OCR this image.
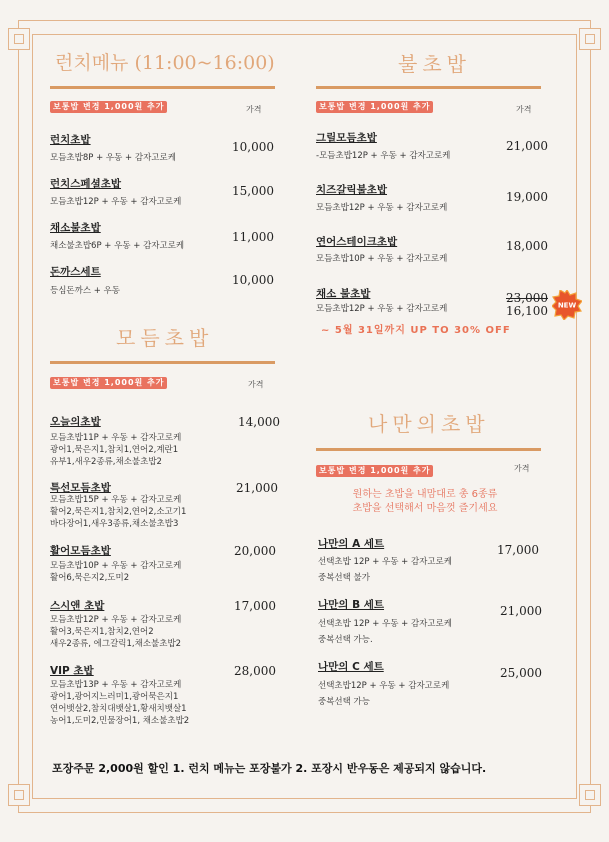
런치메뉴 (11:00~16:00)
보통밥 변경 1,000원 추가	가격
런치초밥
모듬초밥8P + 우동 + 감자고로케
10,000
런치스페셜초밥
모듬초밥12P + 우동 + 감자고로케
15,000
채소불초밥
채소불초밥6P + 우동 + 감자고로케
11,000
돈까스세트
등심돈까스 + 우동
10,000
불초밥
보통밥 변경 1,000원 추가	가격
그릴모듬초밥
-모듬초밥12P + 우동 + 감자고로케
21,000
치즈갈릭불초밥
모듬초밥12P + 우동 + 감자고로케
19,000
연어스테이크초밥
모듬초밥10P + 우동 + 감자고로케
18,000
채소 불초밥
모듬초밥12P + 우동 + 감자고로케
23,000
16,100
~ 5월 31일까지 UP TO 30% OFF
NEW
모듬초밥
보통밥 변경 1,000원 추가	가격
오늘의초밥
모듬초밥11P + 우동 + 감자고로케
광어1,묵은지1,참치1,연어2,계란1
유부1,새우2종류,채소불초밥2
14,000
특선모듬초밥
모듬초밥15P + 우동 + 감자고로케
활어2,묵은지1,참치2,연어2,소고기1
바다장어1,새우3종류,채소불초밥3
21,000
활어모듬초밥
모듬초밥10P + 우동 + 감자고로케
활어6,묵은지2,도미2
20,000
스시앤 초밥
모듬초밥12P + 우동 + 감자고로케
활어3,묵은지1,참치2,연어2
새우2종류, 에그갈릭1,채소불초밥2
17,000
VIP 초밥
모듬초밥13P + 우동 + 감자고로케
광어1,광어지느러미1,광어묵은지1
연어뱃살2,참치대뱃살1,황새치뱃살1
농어1,도미2,민물장어1, 채소불초밥2
28,000
나만의초밥
보통밥 변경 1,000원 추가	가격
원하는 초밥을 내맘대로 총 6종류
초밥을 선택해서 마음껏 즐기세요
나만의 A 세트
선택초밥 12P + 우동 + 감자고로케
중복선택 불가
17,000
나만의 B 세트
선택초밥 12P + 우동 + 감자고로케
중복선택 가능.
21,000
나만의 C 세트
선택초밥12P + 우동 + 감자고로케
중복선택 가능
25,000
포장주문 2,000원 할인 1. 런치 메뉴는 포장불가 2. 포장시 반우동은 제공되지 않습니다.
